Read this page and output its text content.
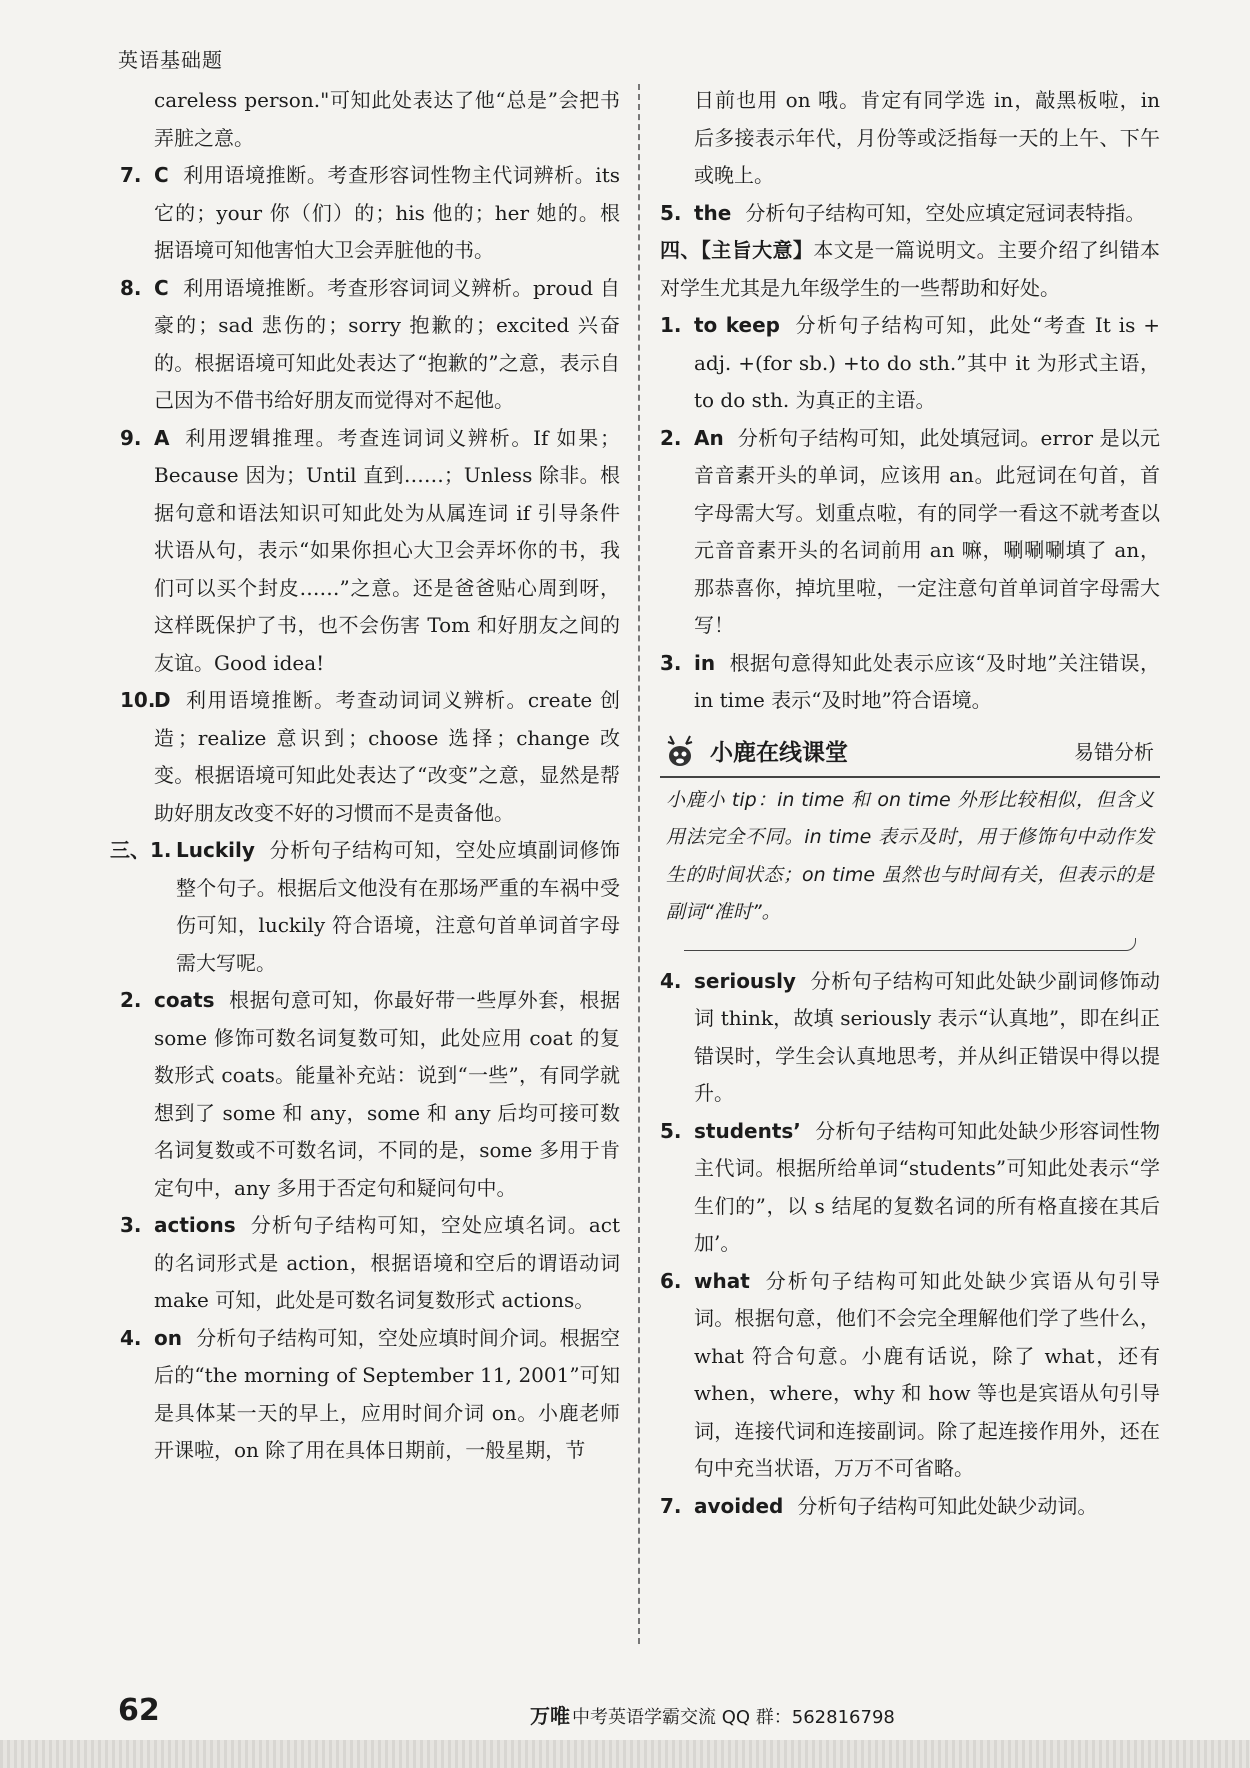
英语基础题
careless person."可知此处表达了他“总是”会把书弄脏之意。
7. C 利用语境推断。考查形容词性物主代词辨析。its 它的；your 你（们）的；his 他的；her 她的。根据语境可知他害怕大卫会弄脏他的书。
8. C 利用语境推断。考查形容词词义辨析。proud 自豪的；sad 悲伤的；sorry 抱歉的；excited 兴奋的。根据语境可知此处表达了“抱歉的”之意，表示自己因为不借书给好朋友而觉得对不起他。
9. A 利用逻辑推理。考查连词词义辨析。If 如果；Because 因为；Until 直到……；Unless 除非。根据句意和语法知识可知此处为从属连词 if 引导条件状语从句，表示“如果你担心大卫会弄坏你的书，我们可以买个封皮……”之意。还是爸爸贴心周到呀，这样既保护了书，也不会伤害 Tom 和好朋友之间的友谊。Good idea!
10.
D 利用语境推断。考查动词词义辨析。create 创造；realize 意识到；choose 选择；change 改变。根据语境可知此处表达了“改变”之意，显然是帮助好朋友改变不好的习惯而不是责备他。
三、1. Luckily 分析句子结构可知，空处应填副词修饰整个句子。根据后文他没有在那场严重的车祸中受伤可知，luckily 符合语境，注意句首单词首字母需大写呢。
2. coats 根据句意可知，你最好带一些厚外套，根据 some 修饰可数名词复数可知，此处应用 coat 的复数形式 coats。能量补充站：说到“一些”，有同学就想到了 some 和 any，some 和 any 后均可接可数名词复数或不可数名词，不同的是，some 多用于肯定句中，any 多用于否定句和疑问句中。
3. actions 分析句子结构可知，空处应填名词。act 的名词形式是 action，根据语境和空后的谓语动词 make 可知，此处是可数名词复数形式 actions。
4. on 分析句子结构可知，空处应填时间介词。根据空后的“the morning of September 11, 2001”可知是具体某一天的早上，应用时间介词 on。小鹿老师开课啦，on 除了用在具体日期前，一般星期，节
日前也用 on 哦。肯定有同学选 in，敲黑板啦，in 后多接表示年代，月份等或泛指每一天的上午、下午或晚上。
5. the 分析句子结构可知，空处应填定冠词表特指。
四、【主旨大意】本文是一篇说明文。主要介绍了纠错本对学生尤其是九年级学生的一些帮助和好处。
1. to keep 分析句子结构可知，此处“考查 It is + adj. +(for sb.) +to do sth.”其中 it 为形式主语，to do sth. 为真正的主语。
2. An 分析句子结构可知，此处填冠词。error 是以元音音素开头的单词，应该用 an。此冠词在句首，首字母需大写。划重点啦，有的同学一看这不就考查以元音音素开头的名词前用 an 嘛，唰唰唰填了 an，那恭喜你，掉坑里啦，一定注意句首单词首字母需大写！
3. in 根据句意得知此处表示应该“及时地”关注错误，in time 表示“及时地”符合语境。
小鹿在线课堂	易错分析
小鹿小 tip：in time 和 on time 外形比较相似，但含义用法完全不同。in time 表示及时，用于修饰句中动作发生的时间状态；on time 虽然也与时间有关，但表示的是副词“准时”。
4. seriously 分析句子结构可知此处缺少副词修饰动词 think，故填 seriously 表示“认真地”，即在纠正错误时，学生会认真地思考，并从纠正错误中得以提升。
5. students’ 分析句子结构可知此处缺少形容词性物主代词。根据所给单词“students”可知此处表示“学生们的”，以 s 结尾的复数名词的所有格直接在其后加’。
6. what 分析句子结构可知此处缺少宾语从句引导词。根据句意，他们不会完全理解他们学了些什么，what 符合句意。小鹿有话说，除了 what，还有 when，where，why 和 how 等也是宾语从句引导词，连接代词和连接副词。除了起连接作用外，还在句中充当状语，万万不可省略。
7. avoided 分析句子结构可知此处缺少动词。
62	万唯 中考英语学霸交流 QQ 群：562816798
